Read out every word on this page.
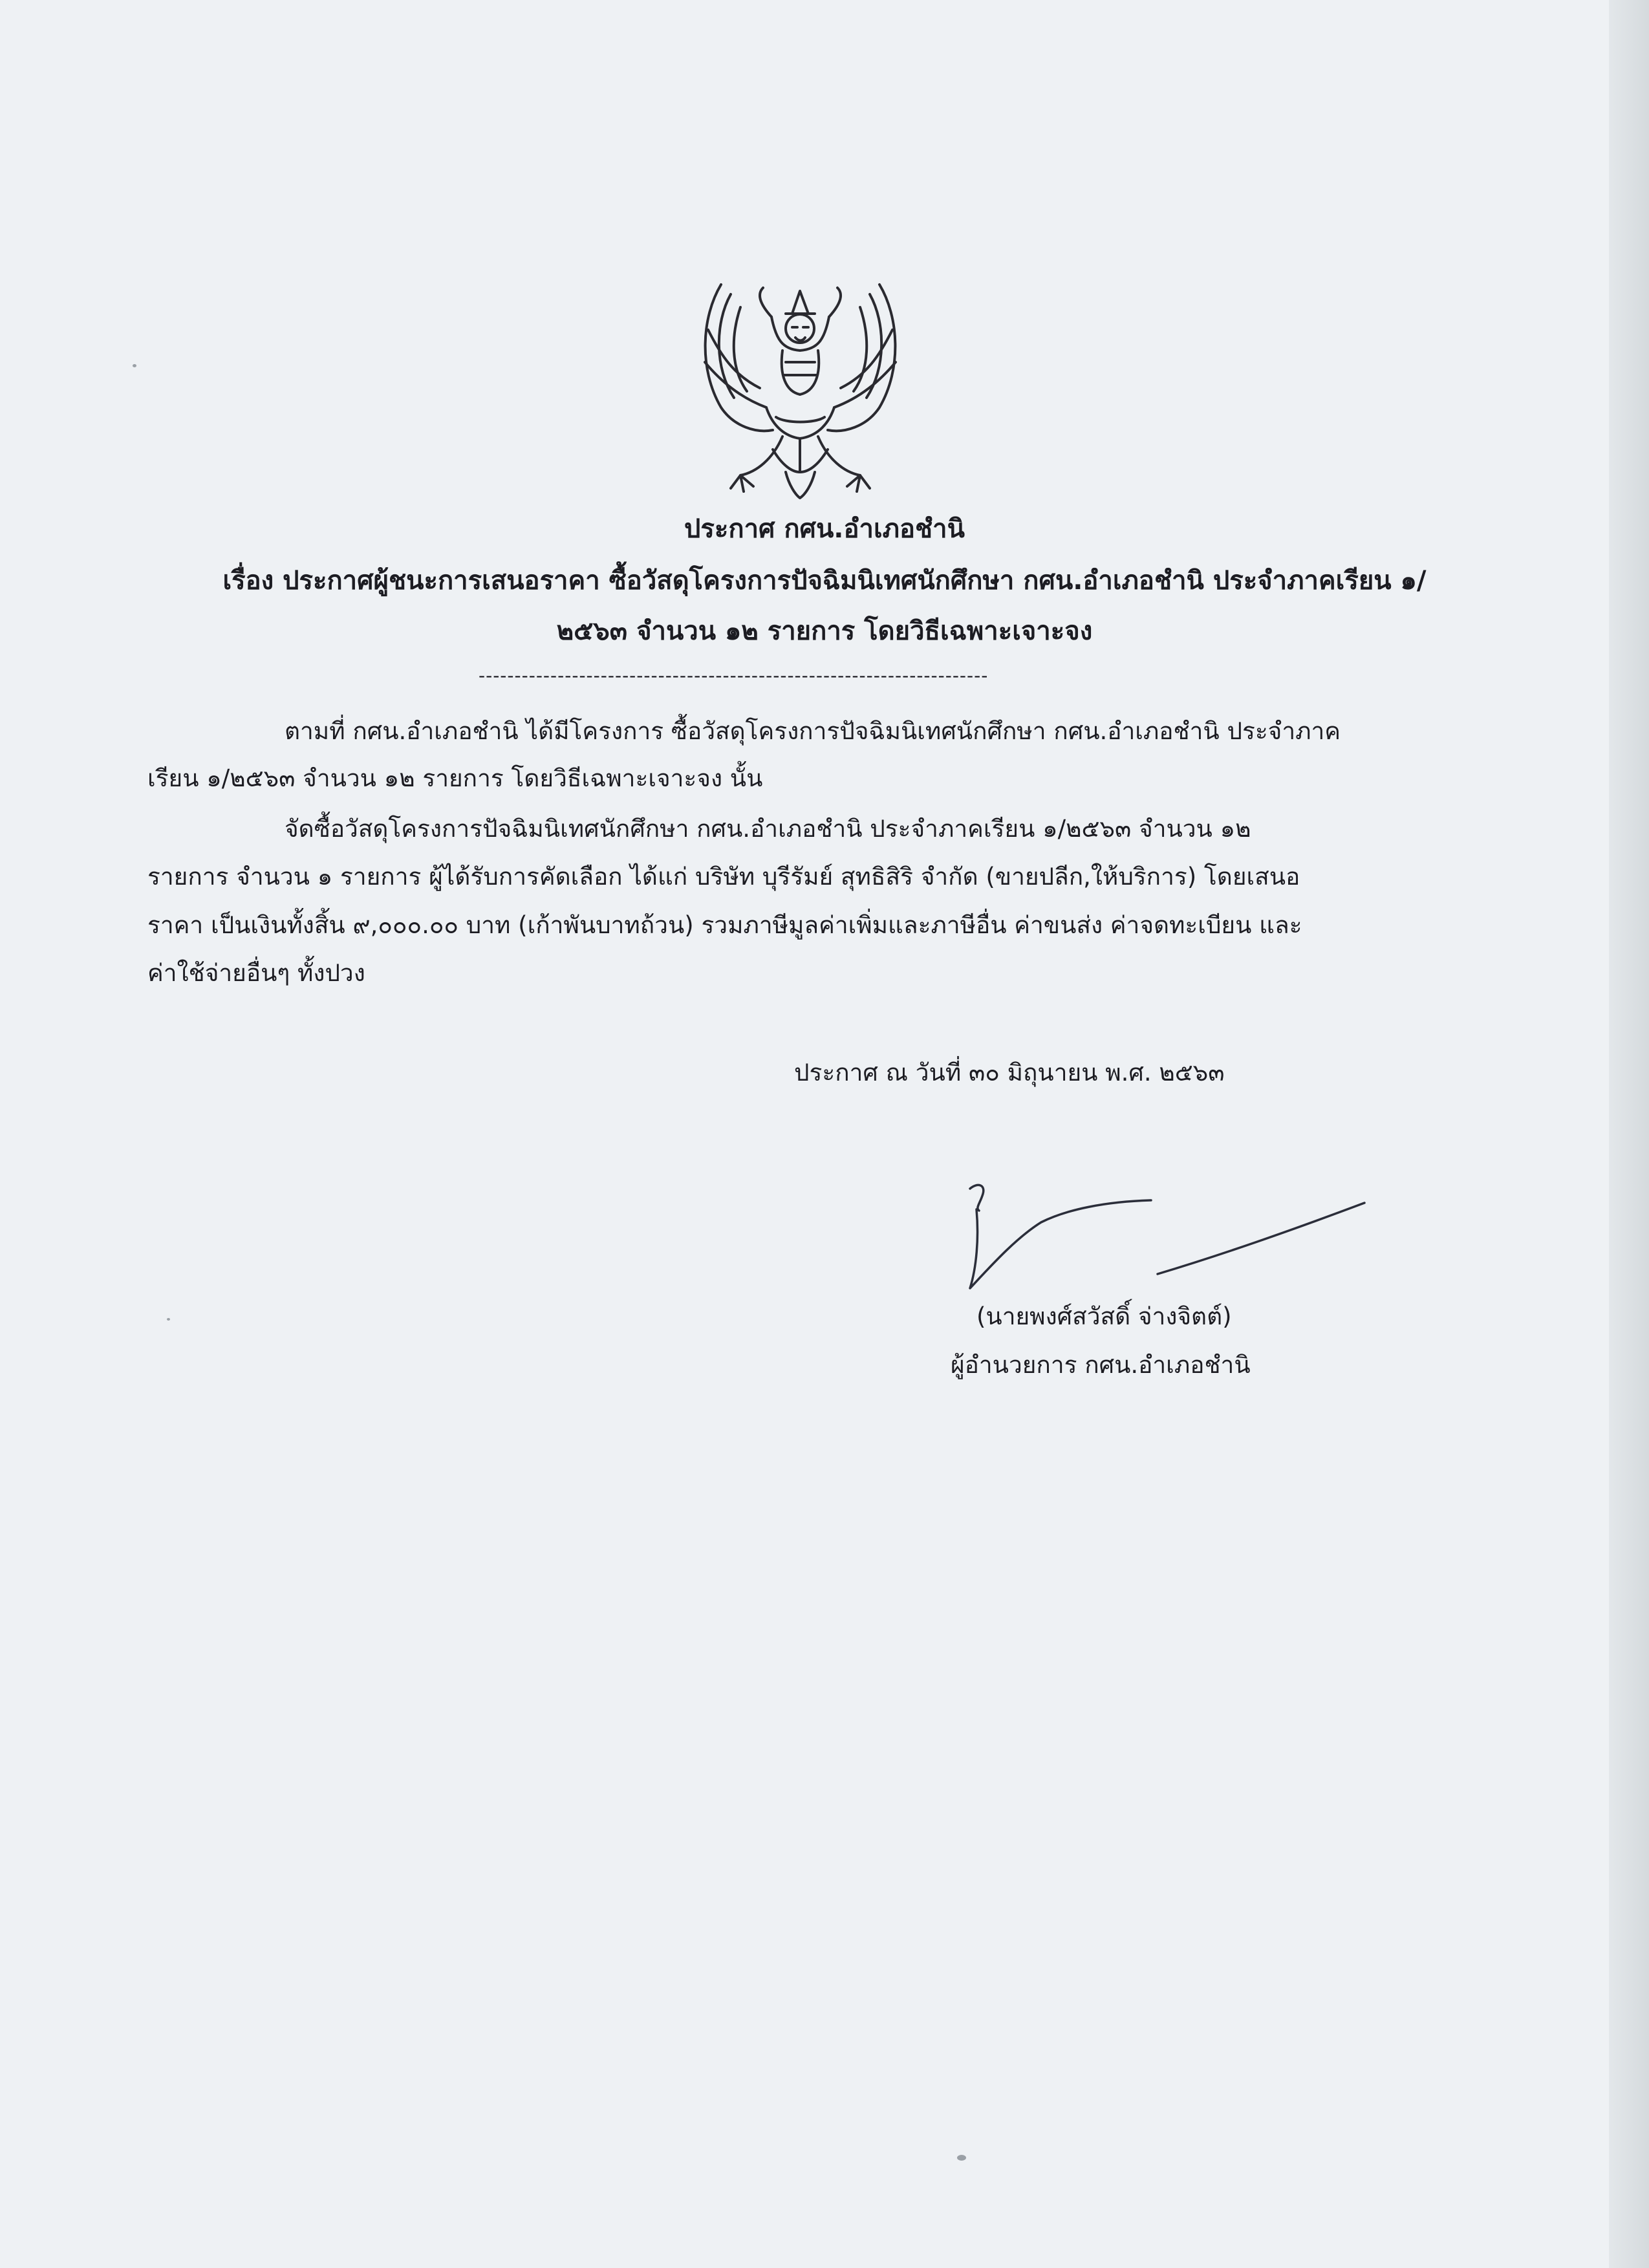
ประกาศ กศน.อำเภอชำนิ
เรื่อง ประกาศผู้ชนะการเสนอราคา ซื้อวัสดุโครงการปัจฉิมนิเทศนักศึกษา กศน.อำเภอชำนิ ประจำภาคเรียน ๑/
๒๕๖๓ จำนวน ๑๒ รายการ โดยวิธีเฉพาะเจาะจง
-----------------------------------------------------------------------
ตามที่ กศน.อำเภอชำนิ ได้มีโครงการ ซื้อวัสดุโครงการปัจฉิมนิเทศนักศึกษา กศน.อำเภอชำนิ ประจำภาค
เรียน ๑/๒๕๖๓ จำนวน ๑๒ รายการ โดยวิธีเฉพาะเจาะจง นั้น
จัดซื้อวัสดุโครงการปัจฉิมนิเทศนักศึกษา กศน.อำเภอชำนิ ประจำภาคเรียน ๑/๒๕๖๓ จำนวน ๑๒
รายการ จำนวน ๑ รายการ ผู้ได้รับการคัดเลือก ได้แก่ บริษัท บุรีรัมย์ สุทธิสิริ จำกัด (ขายปลีก,ให้บริการ) โดยเสนอ
ราคา เป็นเงินทั้งสิ้น ๙,๐๐๐.๐๐ บาท (เก้าพันบาทถ้วน) รวมภาษีมูลค่าเพิ่มและภาษีอื่น ค่าขนส่ง ค่าจดทะเบียน และ
ค่าใช้จ่ายอื่นๆ ทั้งปวง
ประกาศ ณ วันที่ ๓๐ มิถุนายน พ.ศ. ๒๕๖๓
(นายพงศ์สวัสดิ์ จ่างจิตต์)
ผู้อำนวยการ กศน.อำเภอชำนิ
